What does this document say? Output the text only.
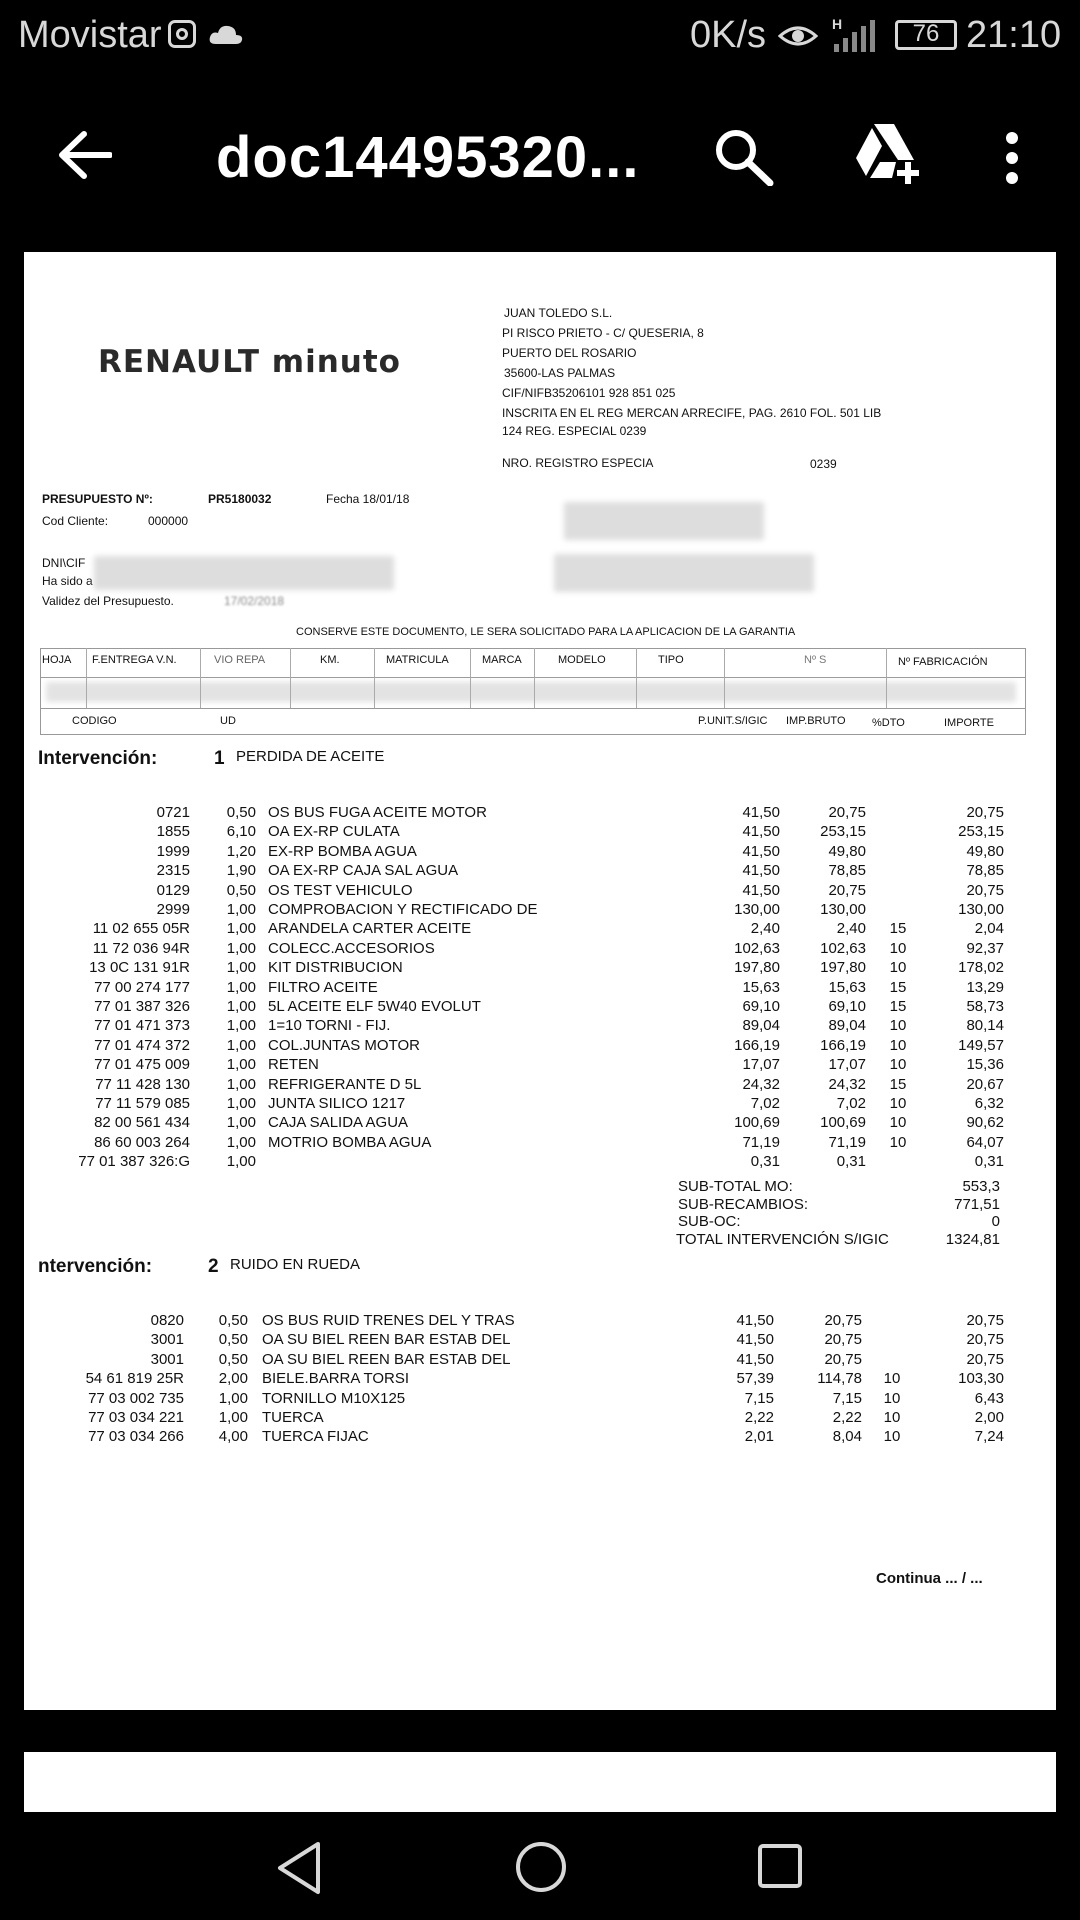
Movistar	0K/s	H	76 21:10
doc14495320...
RENAULT minuto
JUAN TOLEDO S.L.
PI RISCO PRIETO - C/ QUESERIA, 8
PUERTO DEL ROSARIO
35600-LAS PALMAS
CIF/NIFB35206101 928 851 025
INSCRITA EN EL REG MERCAN ARRECIFE, PAG. 2610 FOL. 501 LIB
124 REG. ESPECIAL 0239
NRO. REGISTRO ESPECIA	0239
PRESUPUESTO Nº:	PR5180032	Fecha 18/01/18
Cod Cliente:	000000
DNI\CIF
Ha sido a
Validez del Presupuesto.	17/02/2018
CONSERVE ESTE DOCUMENTO, LE SERA SOLICITADO PARA LA APLICACION DE LA GARANTIA
HOJA F.ENTREGA V.N.	VIO REPA	KM.	MATRICULA	MARCA	MODELO	TIPO	Nº S	Nº FABRICACIÓN
CODIGO	UD	P.UNIT.S/IGIC IMP.BRUTO %DTO	IMPORTE
Intervención:	1 PERDIDA DE ACEITE
0721 0,50 OS BUS FUGA ACEITE MOTOR	41,50	20,75	20,75
1855 6,10 OA EX-RP CULATA	41,50	253,15	253,15
1999 1,20 EX-RP BOMBA AGUA	41,50	49,80	49,80
2315 1,90 OA EX-RP CAJA SAL AGUA	41,50	78,85	78,85
0129 0,50 OS TEST VEHICULO	41,50	20,75	20,75
2999 1,00 COMPROBACION Y RECTIFICADO DE	130,00	130,00	130,00
11 02 655 05R 1,00 ARANDELA CARTER ACEITE	2,40	2,40 15	2,04
11 72 036 94R 1,00 COLECC.ACCESORIOS	102,63	102,63 10	92,37
13 0C 131 91R 1,00 KIT DISTRIBUCION	197,80	197,80 10	178,02
77 00 274 177 1,00 FILTRO ACEITE	15,63	15,63 15	13,29
77 01 387 326 1,00 5L ACEITE ELF 5W40 EVOLUT	69,10	69,10 15	58,73
77 01 471 373 1,00 1=10 TORNI - FIJ.	89,04	89,04 10	80,14
77 01 474 372 1,00 COL.JUNTAS MOTOR	166,19	166,19 10	149,57
77 01 475 009 1,00 RETEN	17,07	17,07 10	15,36
77 11 428 130 1,00 REFRIGERANTE D 5L	24,32	24,32 15	20,67
77 11 579 085 1,00 JUNTA SILICO 1217	7,02	7,02 10	6,32
82 00 561 434 1,00 CAJA SALIDA AGUA	100,69	100,69 10	90,62
86 60 003 264 1,00 MOTRIO BOMBA AGUA	71,19	71,19 10	64,07
77 01 387 326:G 1,00	0,31	0,31	0,31
SUB-TOTAL MO:	553,3
SUB-RECAMBIOS:	771,51
SUB-OC:	0
TOTAL INTERVENCIÓN S/IGIC	1324,81
ntervención:	2 RUIDO EN RUEDA
0820 0,50 OS BUS RUID TRENES DEL Y TRAS	41,50	20,75	20,75
3001 0,50 OA SU BIEL REEN BAR ESTAB DEL	41,50	20,75	20,75
3001 0,50 OA SU BIEL REEN BAR ESTAB DEL	41,50	20,75	20,75
54 61 819 25R 2,00 BIELE.BARRA TORSI	57,39	114,78 10	103,30
77 03 002 735 1,00 TORNILLO M10X125	7,15	7,15 10	6,43
77 03 034 221 1,00 TUERCA	2,22	2,22 10	2,00
77 03 034 266 4,00 TUERCA FIJAC	2,01	8,04 10	7,24
Continua ... / ...
